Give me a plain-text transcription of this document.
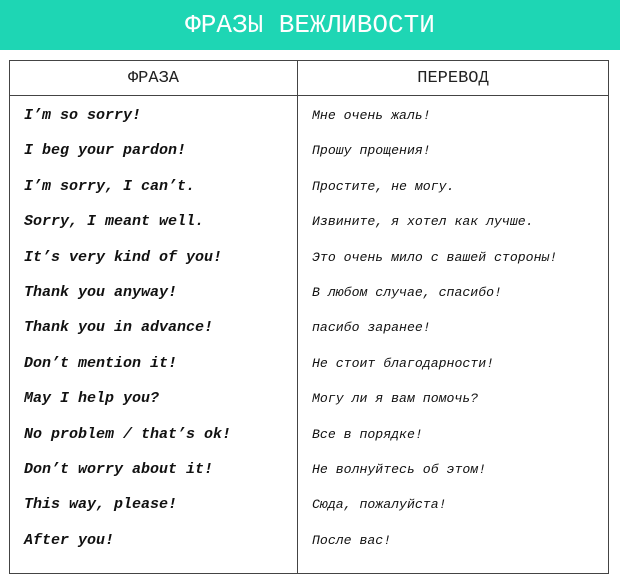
ФРАЗЫ ВЕЖЛИВОСТИ
ФРАЗА	ПЕРЕВОД
I’m so sorry!	Мне очень жаль!
I beg your pardon!	Прошу прощения!
I’m sorry, I can’t.	Простите, не могу.
Sorry, I meant well.	Извините, я хотел как лучше.
It’s very kind of you!	Это очень мило с вашей стороны!
Thank you anyway!	В любом случае, спасибо!
Thank you in advance!	пасибо заранее!
Don’t mention it!	Не стоит благодарности!
May I help you?	Могу ли я вам помочь?
No problem / that’s ok!	Все в порядке!
Don’t worry about it!	Не волнуйтесь об этом!
This way, please!	Сюда, пожалуйста!
After you!	После вас!
